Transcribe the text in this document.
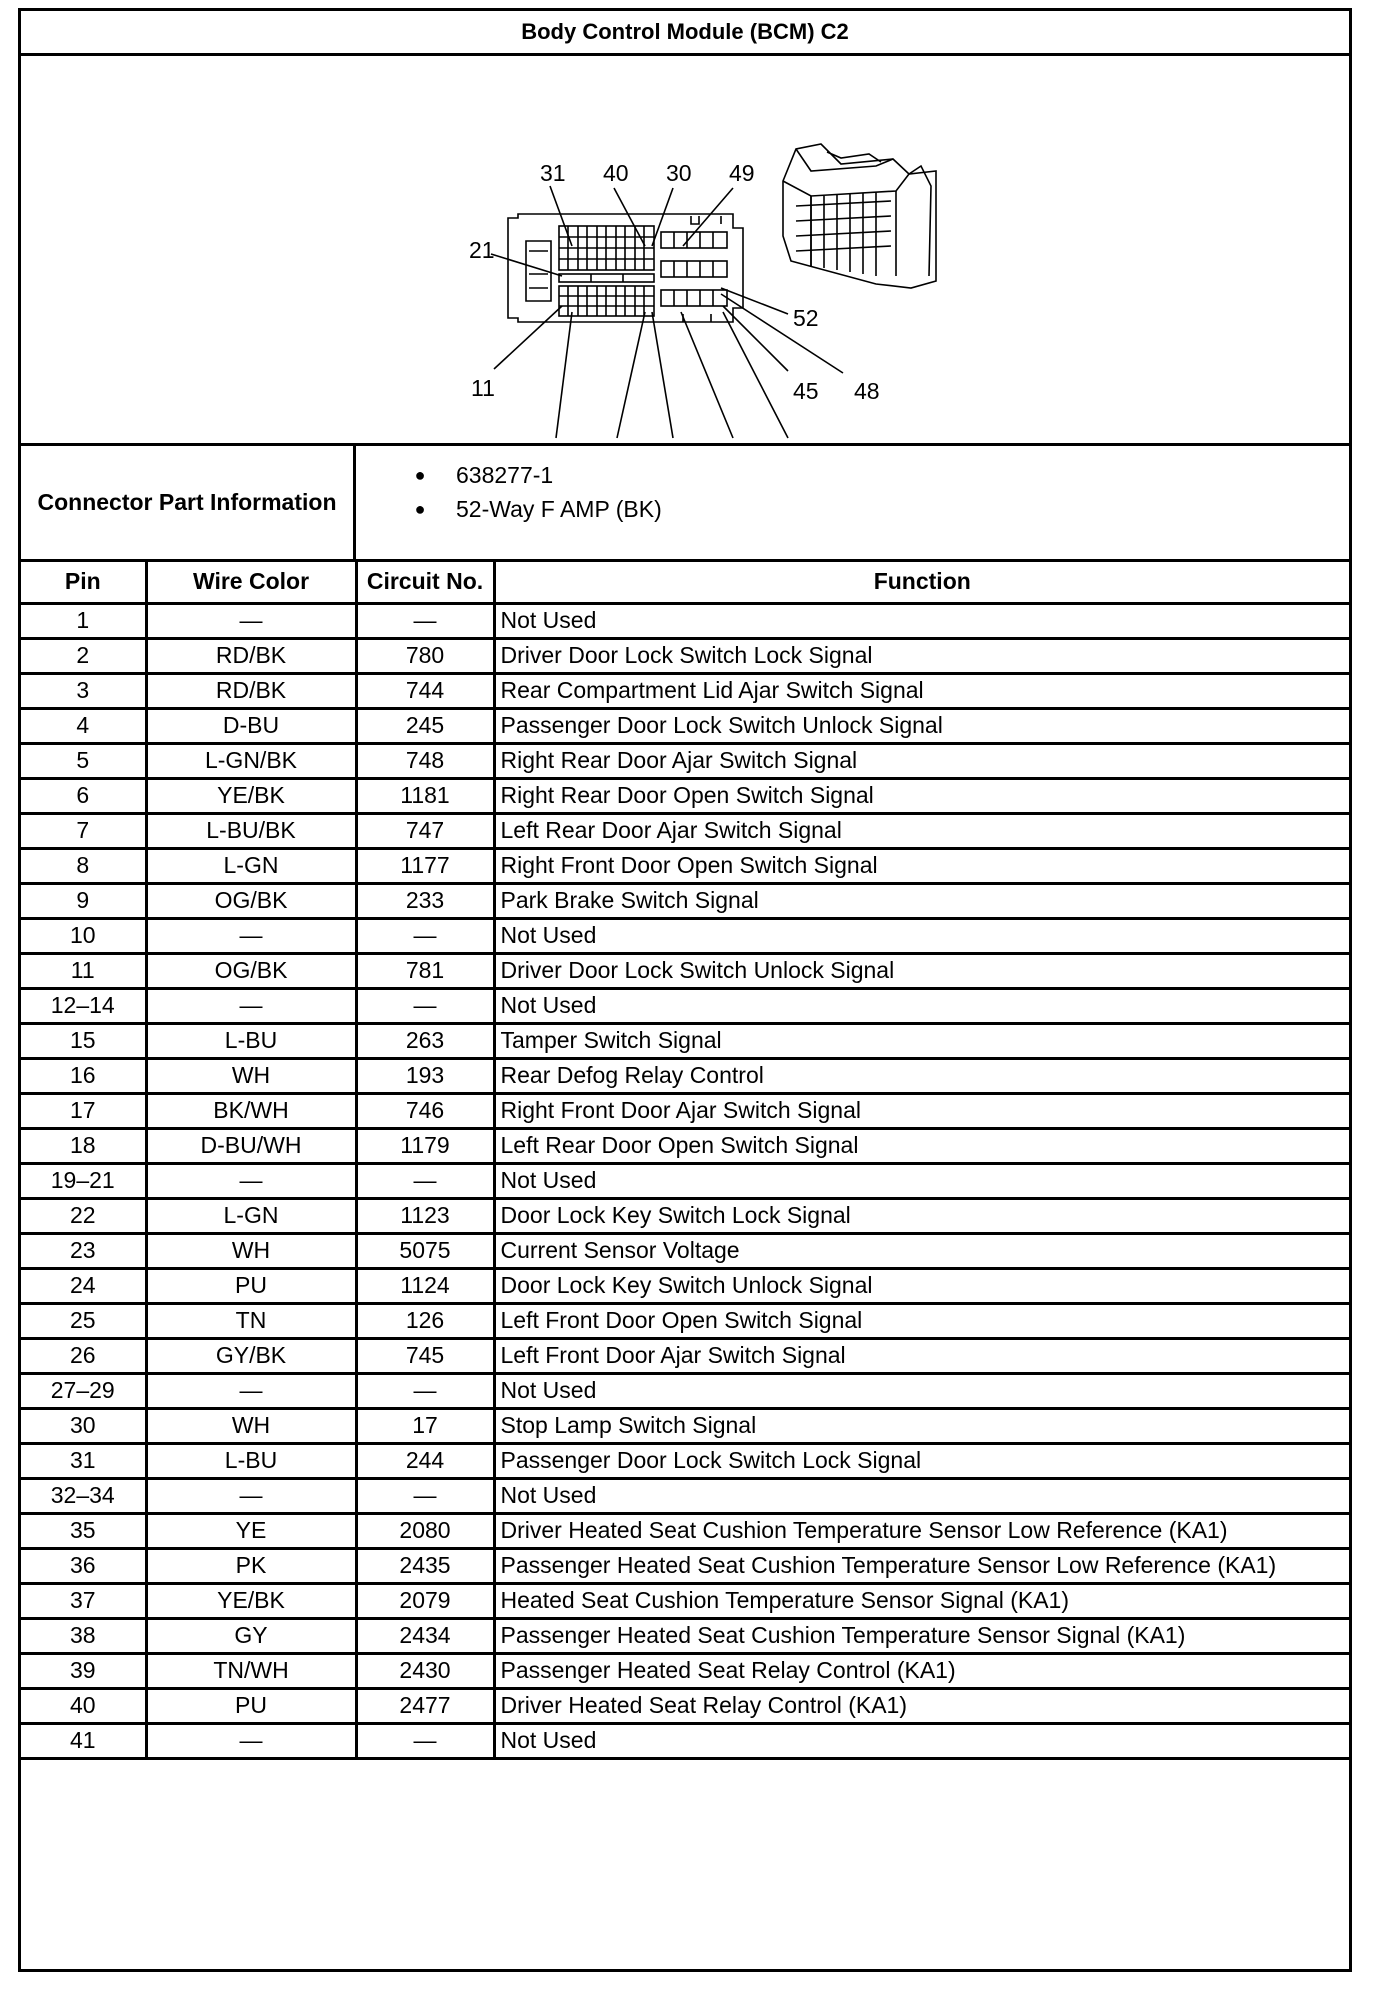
Body Control Module (BCM) C2
31 40 30 49
21
52
11	45 48
Connector Part Information
● 638277-1
● 52-Way F AMP (BK)
Pin	Wire Color	Circuit No.	Function
1	—	—	Not Used
2	RD/BK	780	Driver Door Lock Switch Lock Signal
3	RD/BK	744	Rear Compartment Lid Ajar Switch Signal
4	D-BU	245	Passenger Door Lock Switch Unlock Signal
5	L-GN/BK	748	Right Rear Door Ajar Switch Signal
6	YE/BK	1181	Right Rear Door Open Switch Signal
7	L-BU/BK	747	Left Rear Door Ajar Switch Signal
8	L-GN	1177	Right Front Door Open Switch Signal
9	OG/BK	233	Park Brake Switch Signal
10	—	—	Not Used
11	OG/BK	781	Driver Door Lock Switch Unlock Signal
12–14	—	—	Not Used
15	L-BU	263	Tamper Switch Signal
16	WH	193	Rear Defog Relay Control
17	BK/WH	746	Right Front Door Ajar Switch Signal
18	D-BU/WH	1179	Left Rear Door Open Switch Signal
19–21	—	—	Not Used
22	L-GN	1123	Door Lock Key Switch Lock Signal
23	WH	5075	Current Sensor Voltage
24	PU	1124	Door Lock Key Switch Unlock Signal
25	TN	126	Left Front Door Open Switch Signal
26	GY/BK	745	Left Front Door Ajar Switch Signal
27–29	—	—	Not Used
30	WH	17	Stop Lamp Switch Signal
31	L-BU	244	Passenger Door Lock Switch Lock Signal
32–34	—	—	Not Used
35	YE	2080	Driver Heated Seat Cushion Temperature Sensor Low Reference (KA1)
36	PK	2435	Passenger Heated Seat Cushion Temperature Sensor Low Reference (KA1)
37	YE/BK	2079	Heated Seat Cushion Temperature Sensor Signal (KA1)
38	GY	2434	Passenger Heated Seat Cushion Temperature Sensor Signal (KA1)
39	TN/WH	2430	Passenger Heated Seat Relay Control (KA1)
40	PU	2477	Driver Heated Seat Relay Control (KA1)
41	—	—	Not Used
